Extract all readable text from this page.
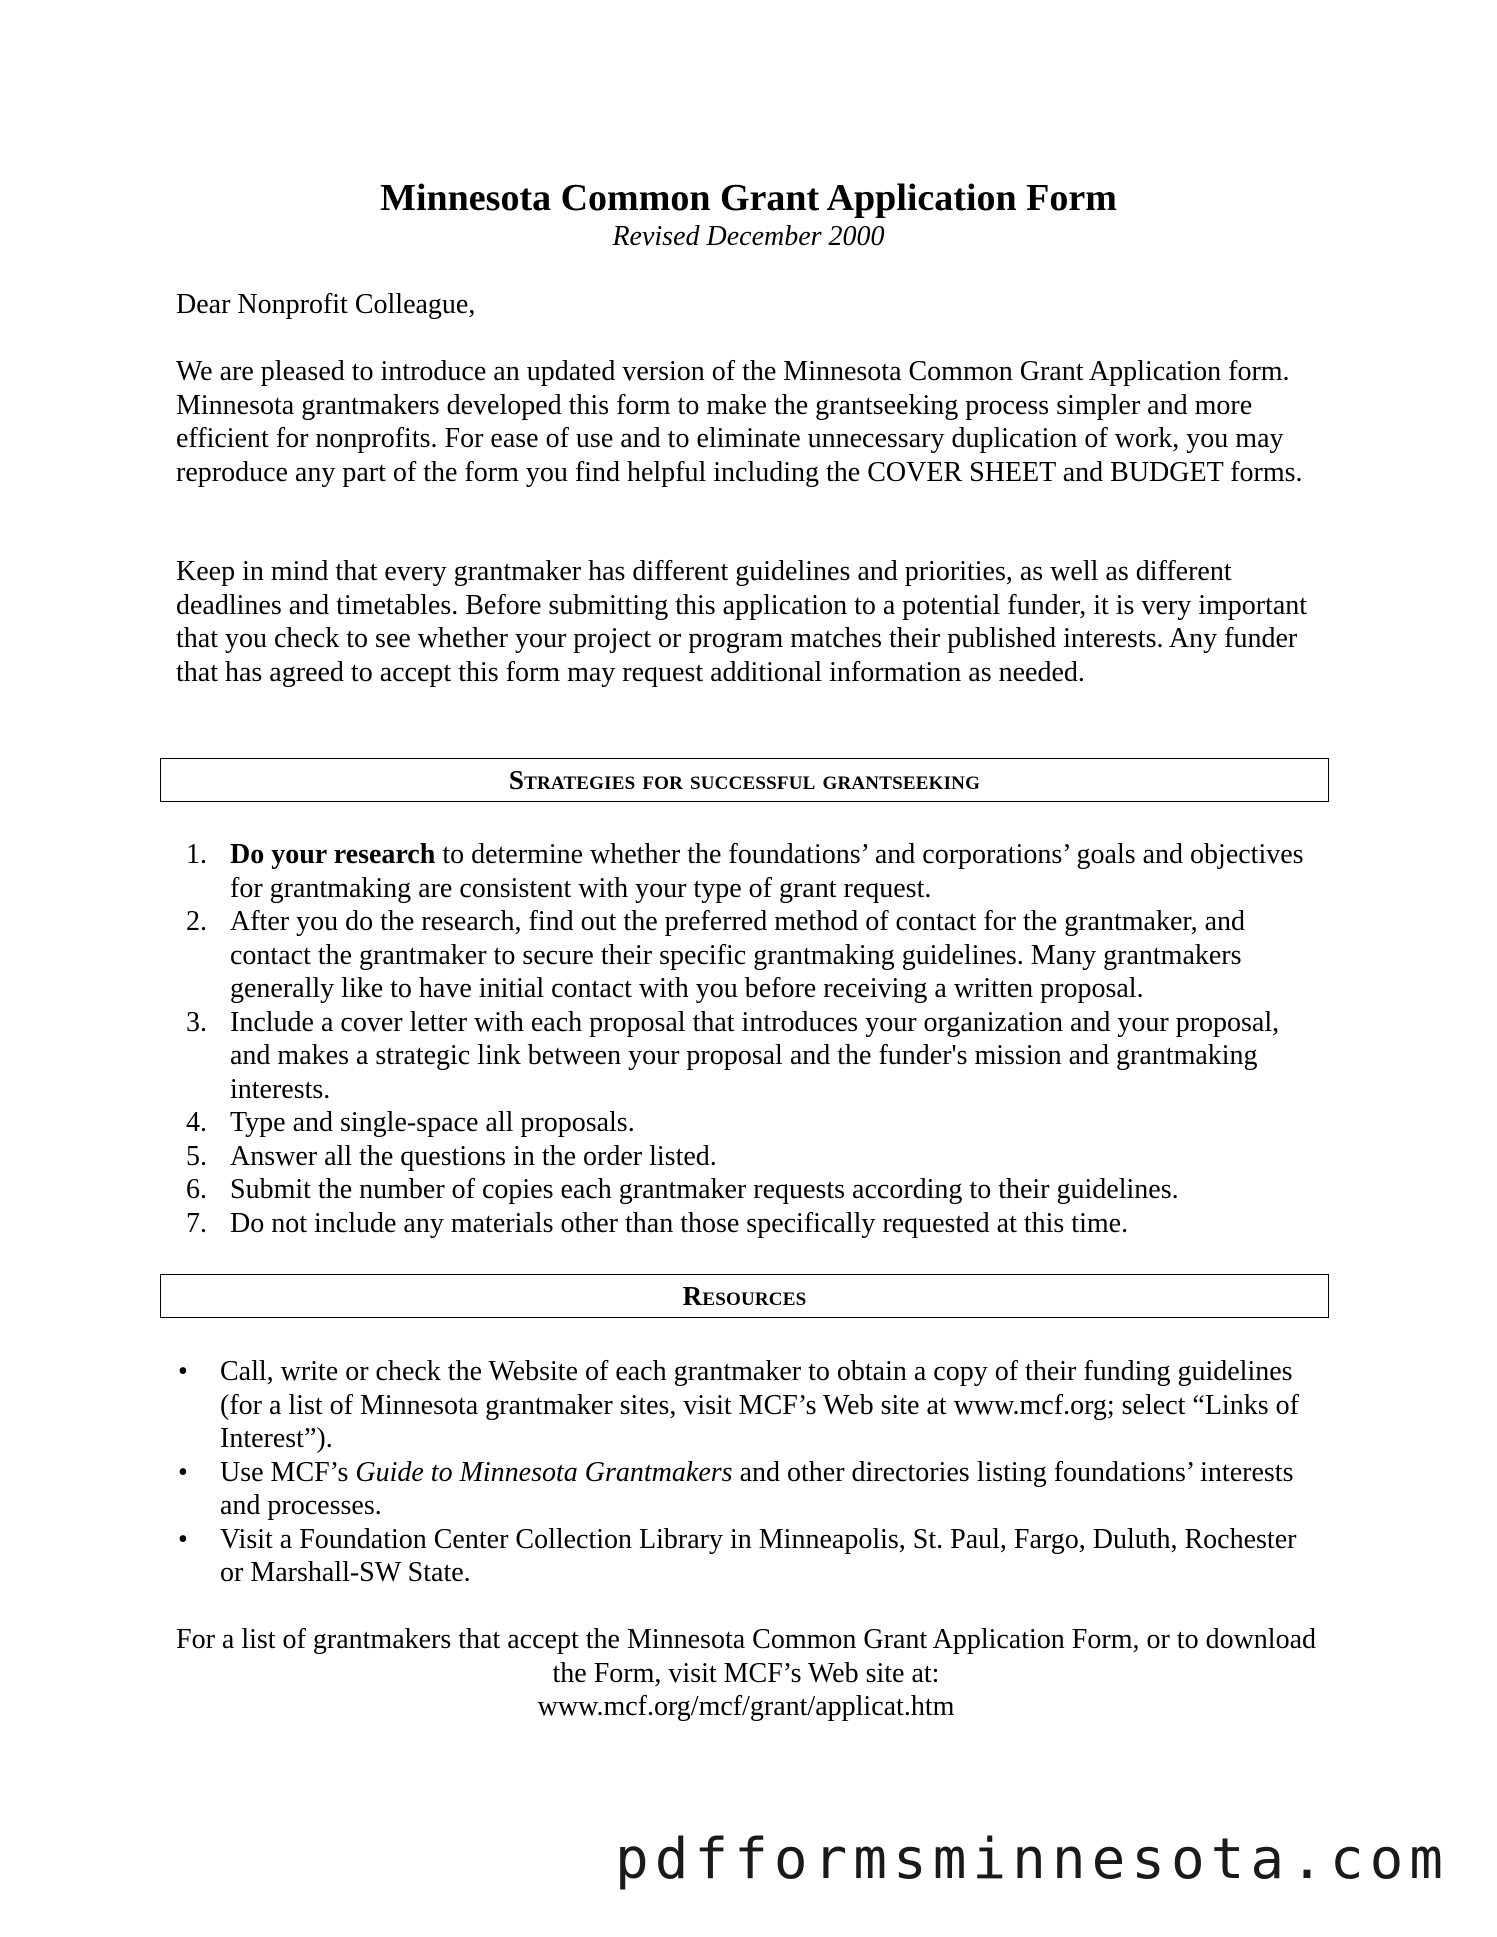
Minnesota Common Grant Application Form
Revised December 2000
Dear Nonprofit Colleague,
We are pleased to introduce an updated version of the Minnesota Common Grant Application form. Minnesota grantmakers developed this form to make the grantseeking process simpler and more efficient for nonprofits. For ease of use and to eliminate unnecessary duplication of work, you may reproduce any part of the form you find helpful including the COVER SHEET and BUDGET forms.
Keep in mind that every grantmaker has different guidelines and priorities, as well as different deadlines and timetables. Before submitting this application to a potential funder, it is very important that you check to see whether your project or program matches their published interests. Any funder that has agreed to accept this form may request additional information as needed.
Strategies for successful grantseeking
1. Do your research to determine whether the foundations’ and corporations’ goals and objectives for grantmaking are consistent with your type of grant request.
2. After you do the research, find out the preferred method of contact for the grantmaker, and contact the grantmaker to secure their specific grantmaking guidelines. Many grantmakers generally like to have initial contact with you before receiving a written proposal.
3. Include a cover letter with each proposal that introduces your organization and your proposal, and makes a strategic link between your proposal and the funder's mission and grantmaking interests.
4. Type and single-space all proposals.
5. Answer all the questions in the order listed.
6. Submit the number of copies each grantmaker requests according to their guidelines.
7. Do not include any materials other than those specifically requested at this time.
Resources
• Call, write or check the Website of each grantmaker to obtain a copy of their funding guidelines (for a list of Minnesota grantmaker sites, visit MCF’s Web site at www.mcf.org; select “Links of Interest”).
• Use MCF’s Guide to Minnesota Grantmakers and other directories listing foundations’ interests and processes.
• Visit a Foundation Center Collection Library in Minneapolis, St. Paul, Fargo, Duluth, Rochester or Marshall-SW State.
For a list of grantmakers that accept the Minnesota Common Grant Application Form, or to download the Form, visit MCF’s Web site at:
www.mcf.org/mcf/grant/applicat.htm
pdfformsminnesota.com
